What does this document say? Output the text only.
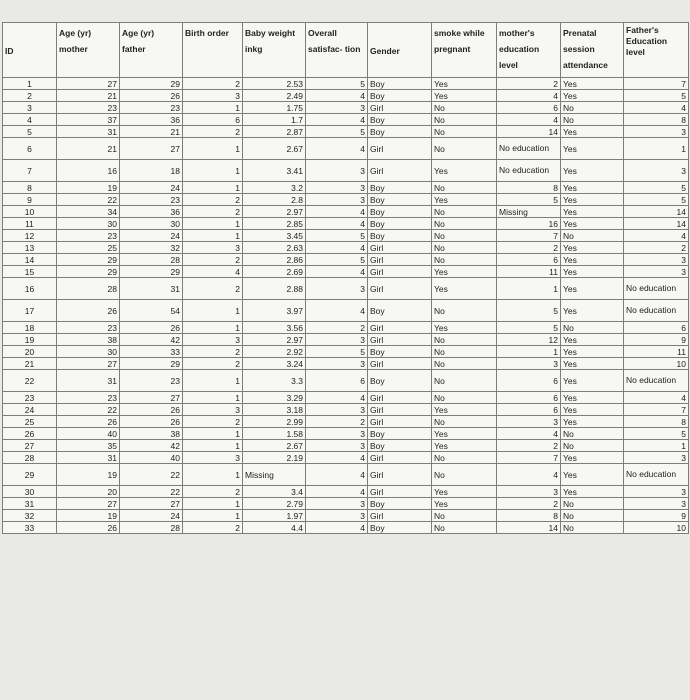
ID	Age (yr) mother	Age (yr) father	Birth order	Baby weight inkg	Overall satisfac- tion	Gender	smoke while pregnant	mother's education level	Prenatal session attendance	Father's Education level
1	27	29	2	2.53	5	Boy	Yes	2	Yes	7
2	21	26	3	2.49	4	Boy	Yes	4	Yes	5
3	23	23	1	1.75	3	Girl	No	6	No	4
4	37	36	6	1.7	4	Boy	No	4	No	8
5	31	21	2	2.87	5	Boy	No	14	Yes	3
6	21	27	1	2.67	4	Girl	No	No education	Yes	1
7	16	18	1	3.41	3	Girl	Yes	No education	Yes	3
8	19	24	1	3.2	3	Boy	No	8	Yes	5
9	22	23	2	2.8	3	Boy	Yes	5	Yes	5
10	34	36	2	2.97	4	Boy	No	Missing	Yes	14
11	30	30	1	2.85	4	Boy	No	16	Yes	14
12	23	24	1	3.45	5	Boy	No	7	No	4
13	25	32	3	2.63	4	Girl	No	2	Yes	2
14	29	28	2	2.86	5	Girl	No	6	Yes	3
15	29	29	4	2.69	4	Girl	Yes	11	Yes	3
16	28	31	2	2.88	3	Girl	Yes	1	Yes	No education
17	26	54	1	3.97	4	Boy	No	5	Yes	No education
18	23	26	1	3.56	2	Girl	Yes	5	No	6
19	38	42	3	2.97	3	Girl	No	12	Yes	9
20	30	33	2	2.92	5	Boy	No	1	Yes	11
21	27	29	2	3.24	3	Girl	No	3	Yes	10
22	31	23	1	3.3	6	Boy	No	6	Yes	No education
23	23	27	1	3.29	4	Girl	No	6	Yes	4
24	22	26	3	3.18	3	Girl	Yes	6	Yes	7
25	26	26	2	2.99	2	Girl	No	3	Yes	8
26	40	38	1	1.58	3	Boy	Yes	4	No	5
27	35	42	1	2.67	3	Boy	Yes	2	No	1
28	31	40	3	2.19	4	Girl	No	7	Yes	3
29	19	22	1	Missing	4	Girl	No	4	Yes	No education
30	20	22	2	3.4	4	Girl	Yes	3	Yes	3
31	27	27	1	2.79	3	Boy	Yes	2	No	3
32	19	24	1	1.97	3	Girl	No	8	No	9
33	26	28	2	4.4	4	Boy	No	14	No	10
